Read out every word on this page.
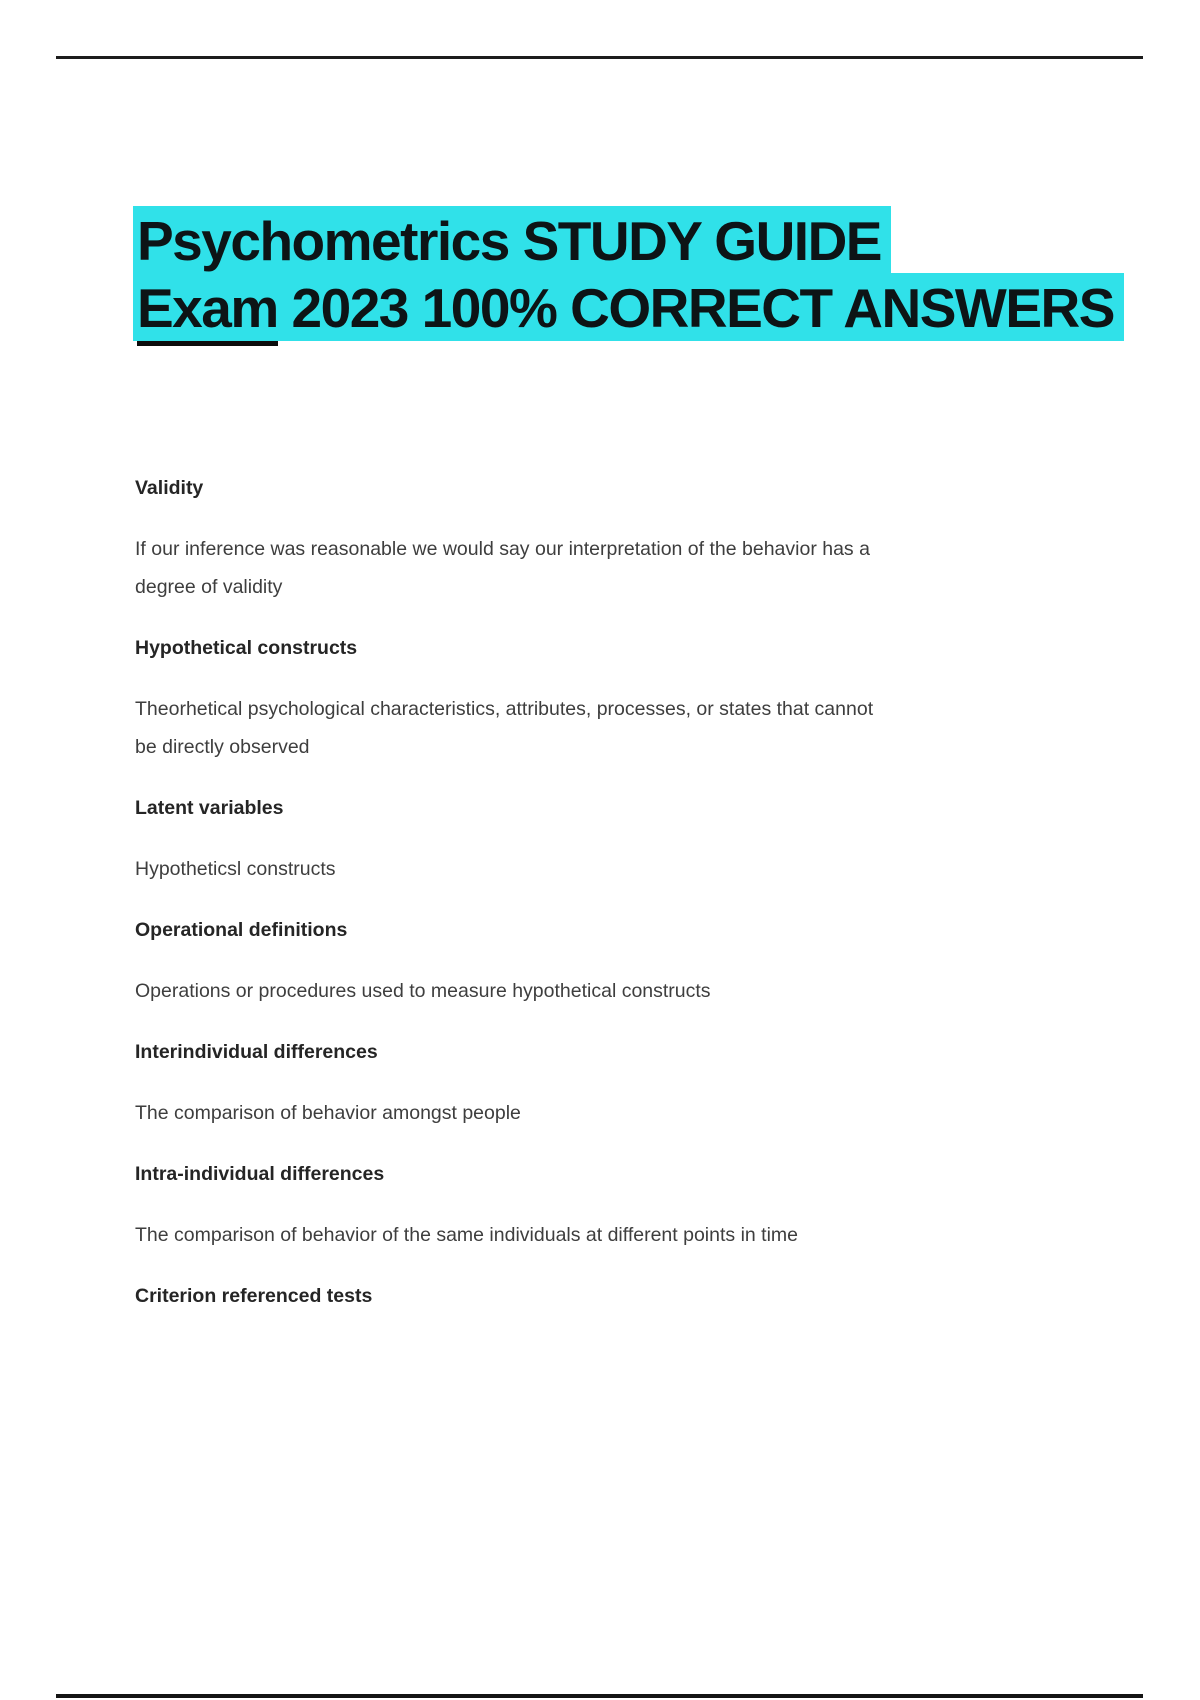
Psychometrics STUDY GUIDE
Exam 2023 100% CORRECT ANSWERS
Validity
If our inference was reasonable we would say our interpretation of the behavior has a
degree of validity
Hypothetical constructs
Theorhetical psychological characteristics, attributes, processes, or states that cannot
be directly observed
Latent variables
Hypotheticsl constructs
Operational definitions
Operations or procedures used to measure hypothetical constructs
Interindividual differences
The comparison of behavior amongst people
Intra-individual differences
The comparison of behavior of the same individuals at different points in time
Criterion referenced tests
